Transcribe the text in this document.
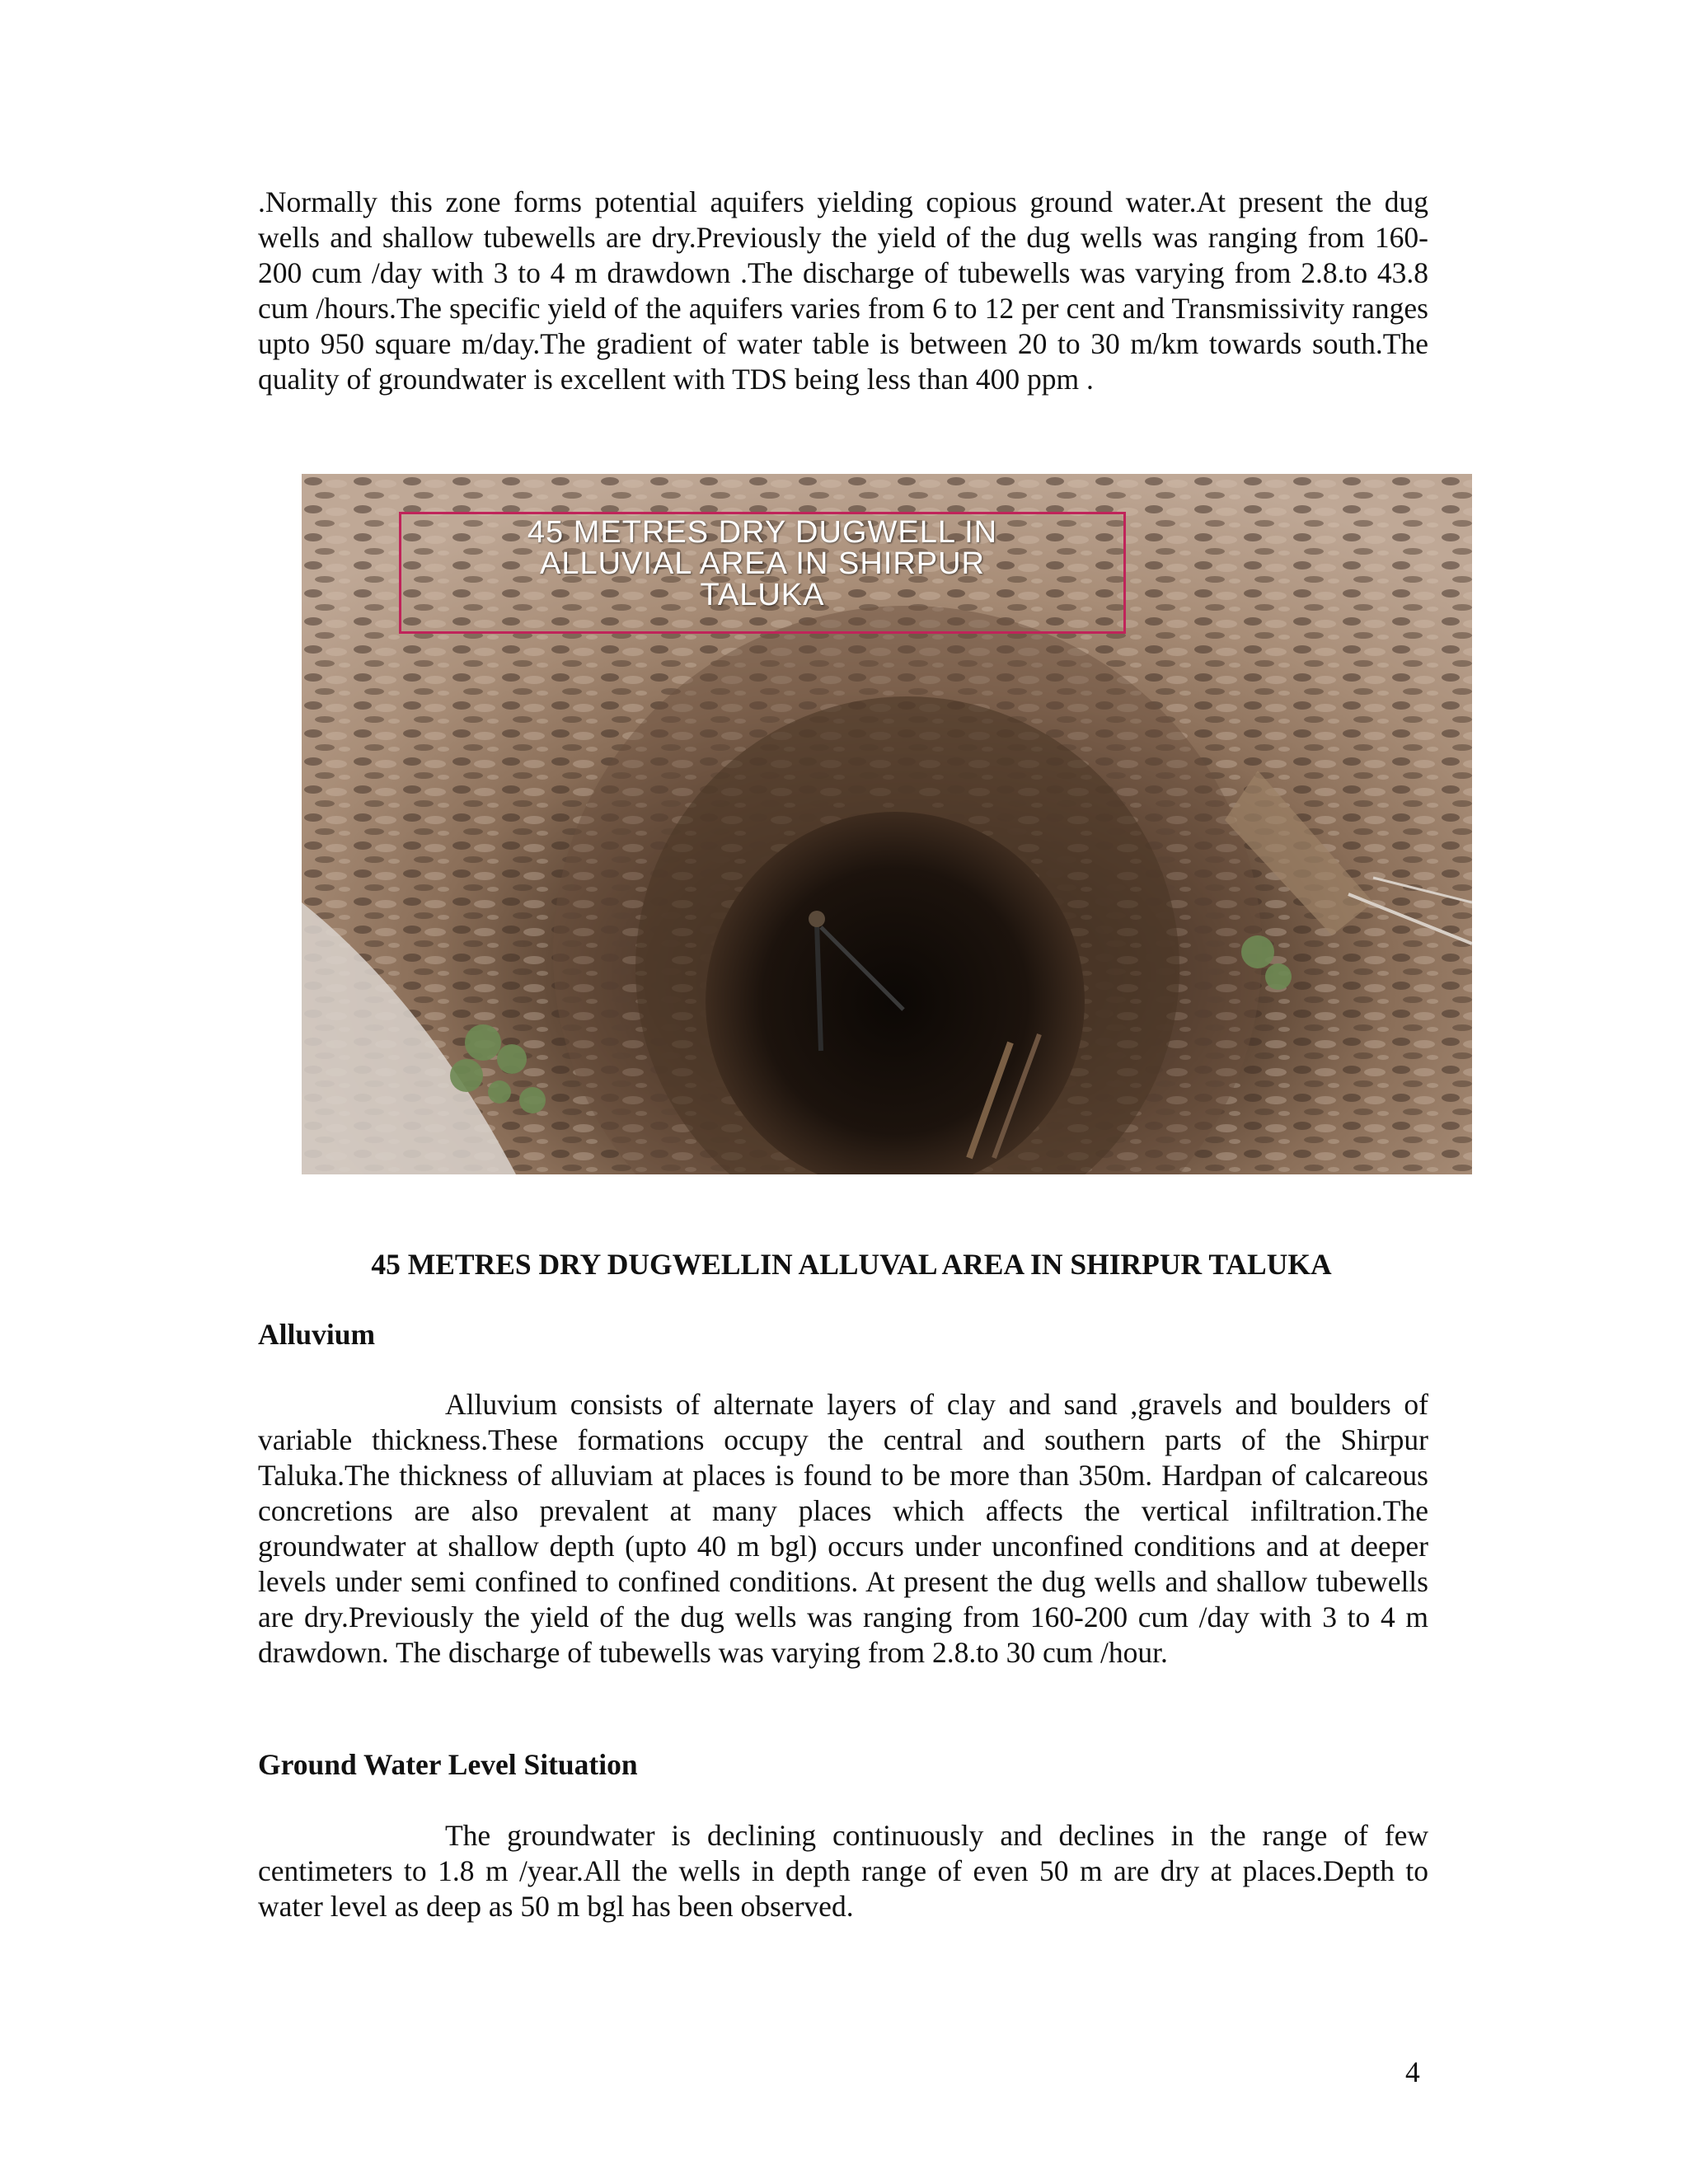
.Normally this zone forms potential aquifers yielding copious ground water.At present the dug wells and shallow tubewells are dry.Previously the yield of the dug wells was ranging from 160-200 cum /day with 3 to 4 m drawdown .The discharge of tubewells was varying from 2.8.to 43.8 cum /hours.The specific yield of the aquifers varies from 6 to 12 per cent and Transmissivity ranges upto 950 square m/day.The gradient of water table is between 20 to 30 m/km towards south.The quality of groundwater is excellent with TDS being less than 400 ppm .

45 METRES DRY DUGWELL IN
ALLUVIAL AREA IN SHIRPUR
TALUKA

45 METRES DRY DUGWELLIN ALLUVAL AREA IN SHIRPUR TALUKA

Alluvium

Alluvium consists of alternate layers of clay and sand ,gravels and boulders of variable thickness.These formations occupy the central and southern parts of the Shirpur Taluka.The thickness of alluviam at places is found to be more than 350m. Hardpan of calcareous concretions are also prevalent at many places which affects the vertical infiltration.The groundwater at shallow depth (upto 40 m bgl) occurs under unconfined conditions and at deeper levels under semi confined to confined conditions. At present the dug wells and shallow tubewells are dry.Previously the yield of the dug wells was ranging from 160-200 cum /day with 3 to 4 m drawdown. The discharge of tubewells was varying from 2.8.to 30 cum /hour.

Ground Water Level Situation

The groundwater is declining continuously and declines in the range of few centimeters to 1.8 m /year.All the wells in depth range of even 50 m are dry at places.Depth to water level as deep as 50 m bgl has been observed.

4
